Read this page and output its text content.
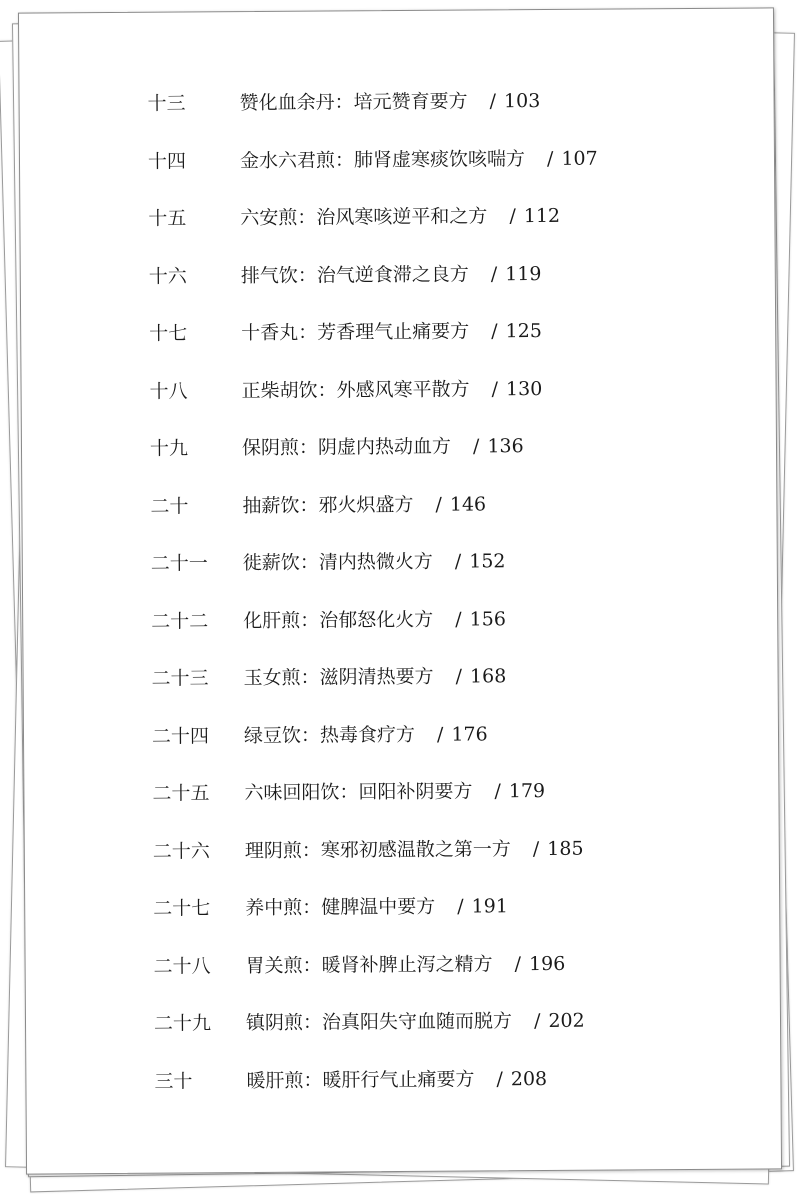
十三	赞化血余丹：培元赞育要方 / 103
十四	金水六君煎：肺肾虚寒痰饮咳喘方 / 107
十五	六安煎：治风寒咳逆平和之方 / 112
十六	排气饮：治气逆食滞之良方 / 119
十七	十香丸：芳香理气止痛要方 / 125
十八	正柴胡饮：外感风寒平散方 / 130
十九	保阴煎：阴虚内热动血方 / 136
二十	抽薪饮：邪火炽盛方 / 146
二十一	徙薪饮：清内热微火方 / 152
二十二	化肝煎：治郁怒化火方 / 156
二十三	玉女煎：滋阴清热要方 / 168
二十四	绿豆饮：热毒食疗方 / 176
二十五	六味回阳饮：回阳补阴要方 / 179
二十六	理阴煎：寒邪初感温散之第一方 / 185
二十七	养中煎：健脾温中要方 / 191
二十八	胃关煎：暖肾补脾止泻之精方 / 196
二十九	镇阴煎：治真阳失守血随而脱方 / 202
三十	暖肝煎：暖肝行气止痛要方 / 208
